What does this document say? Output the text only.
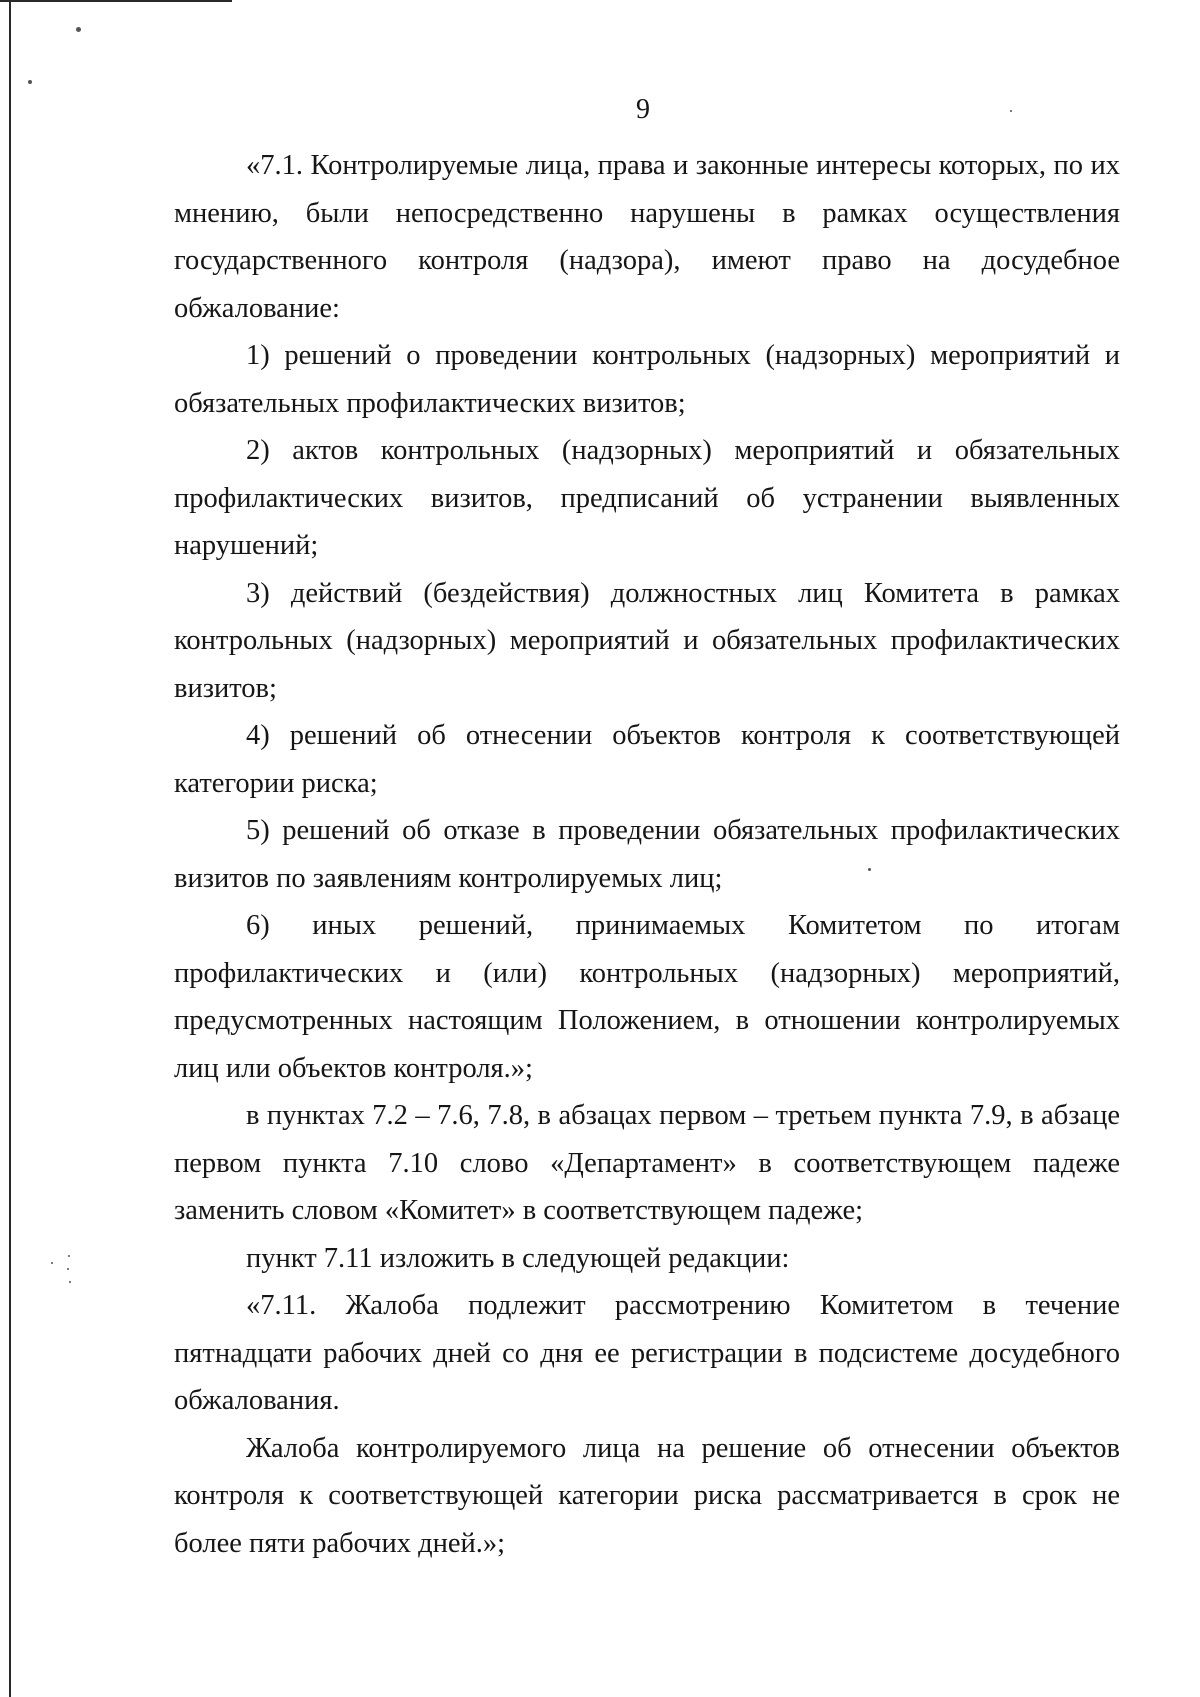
9

«7.1. Контролируемые лица, права и законные интересы которых, по их мнению, были непосредственно нарушены в рамках осуществления государственного контроля (надзора), имеют право на досудебное обжалование:

1) решений о проведении контрольных (надзорных) мероприятий и обязательных профилактических визитов;

2) актов контрольных (надзорных) мероприятий и обязательных профилактических визитов, предписаний об устранении выявленных нарушений;

3) действий (бездействия) должностных лиц Комитета в рамках контрольных (надзорных) мероприятий и обязательных профилактических визитов;

4) решений об отнесении объектов контроля к соответствующей категории риска;

5) решений об отказе в проведении обязательных профилактических визитов по заявлениям контролируемых лиц;

6) иных решений, принимаемых Комитетом по итогам профилактических и (или) контрольных (надзорных) мероприятий, предусмотренных настоящим Положением, в отношении контролируемых лиц или объектов контроля.»;

в пунктах 7.2 – 7.6, 7.8, в абзацах первом – третьем пункта 7.9, в абзаце первом пункта 7.10 слово «Департамент» в соответствующем падеже заменить словом «Комитет» в соответствующем падеже;

пункт 7.11 изложить в следующей редакции:

«7.11. Жалоба подлежит рассмотрению Комитетом в течение пятнадцати рабочих дней со дня ее регистрации в подсистеме досудебного обжалования.

Жалоба контролируемого лица на решение об отнесении объектов контроля к соответствующей категории риска рассматривается в срок не более пяти рабочих дней.»;
